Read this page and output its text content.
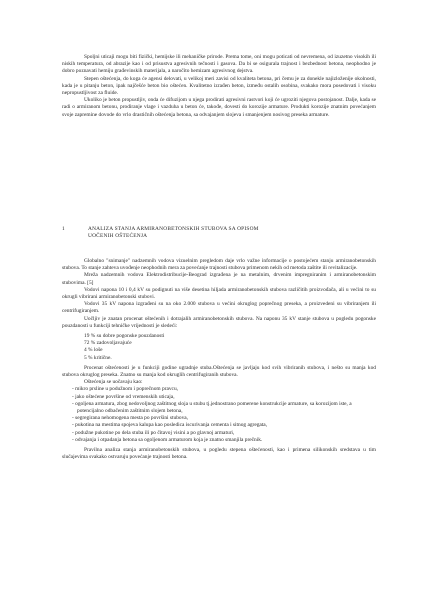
Spoljni uticaji mogu biti fizički, hemijske ili mehaničke prirode. Prema tome, oni mogu poticati od nevremena, od izuzetno visokih ili niskih temperatura, od abrazije kao i od prisustva agresivnih tečnosti i gasova. Da bi se osigurala trajnost i bezbednost betona, neophodno je dobro poznavati hemiju građevinskih materijala, a naročito hemizam agresivnog dejstva.

Stepen oštećenja, do koga će agensi delovati, u velikoj meri zavisi od kvaliteta betona, pri čemu je za donekle najizloženije okolnosti, kada je u pitanju beton, ipak najčešće beton bio oštećen. Kvalitetno izrađen beton, između ostalih osobina, svakako mora posedovati i visoku nepropustljivost za fluide.

Ukoliko je beton propustljiv, onda će difuzijom u njega prodirati agresivni rastvori koji će ugroziti njegova postojanost. Dalje, kada se radi o armiranom betonu, prodiranje vlage i vazduha u beton će, takođe, dovesti do korozije armature. Produkti korozije znatnim povećanjem svoje zapremine dovode do vrlo drastičnih oštećenja betona, sa odvajanjem slojeva i smanjenjem nosivog preseka armature.

1	ANALIZA STANJA ARMIRANOBETONSKIH STUBOVA SA OPISOM
UOČENIH OŠTEĆENJA

Globalno "snimanje" nadzemnih vodova vizuelnim pregledom daje vrlo važne informacije o postojećem stanju armiranobetonskih stubova. To stanje zahteva uvođenje neophodnih mera za povećanje trajnosti stubova primenom nekih od metoda zaštite ili revitalizacije.

Mreža nadzemnih vodova Elektrodistribucije-Beograd izgrađena je na metalnim, drvenim impregniranim i armiranobetonskim stubovima. [5]

Vodovi napona 10 i 0,4 kV su podignuti na više desetina hiljada armiranobetonskih stubova različitih proizvođača, ali u većini to su okrugli vibrirani armiranobetonski stubovi.

Vodovi 35 kV napona izgrađeni su na oko 2.000 stubova u većini okruglog poprečnog preseka, a proizvedeni su vibriranjem ili centrifugiranjem.

Uočljiv je znatan procenat oštećenih i dotrajalih armiranobetonskih stubova. Na naponu 35 kV stanje stubova u pogledu pogonske pouzdanosti u funkciji tehničke vrijednosti je sledeći:

19 % su dobre pogonske pouzdanosti
72 % zadovoljavajuće
4 % loše
5 % kritične.

Procenat oštećenosti je u funkciji godine ugradnje stuba.Oštećenja se javljaju kod svih vibriranih stubova, i nešto su manja kod stubova okruglog preseka. Znatno su manja kod okruglih centrifugiranih stubova.

Oštećenja se uočavaju kao:

- mikro prsline u podužnom i poprečnom pravcu,
- jako oštećene površine od vremenskih uticaja,
- ogoljena armatura, zbog nedovoljnog zaštitnog sloja u stubu tj.jednostrano pomerene konstrukcije armature, sa korozijom iste, a potencijalno odbačenim zaštitnim slojem betona,
- segregirana nehomogena mesta po površini stubova,
- pukotina na mestima spojeva kalupa kao posledica iscurivanja cementa i sitnog agregata,
- podužne pukotine po dela stuba ili po čitavoj visini a po glavnoj armaturi,
- odvajanja i otpadanja betona sa ogoljenom armaturom koja je znatno smanjila prečnik.

Pravilna analiza stanja armiranobetonskih stubova, u pogledu stepena oštećenosti, kao i primena silikonskih sredstava u tim slučajevima svakako ostvaruju povećanje trajnosti betona.
